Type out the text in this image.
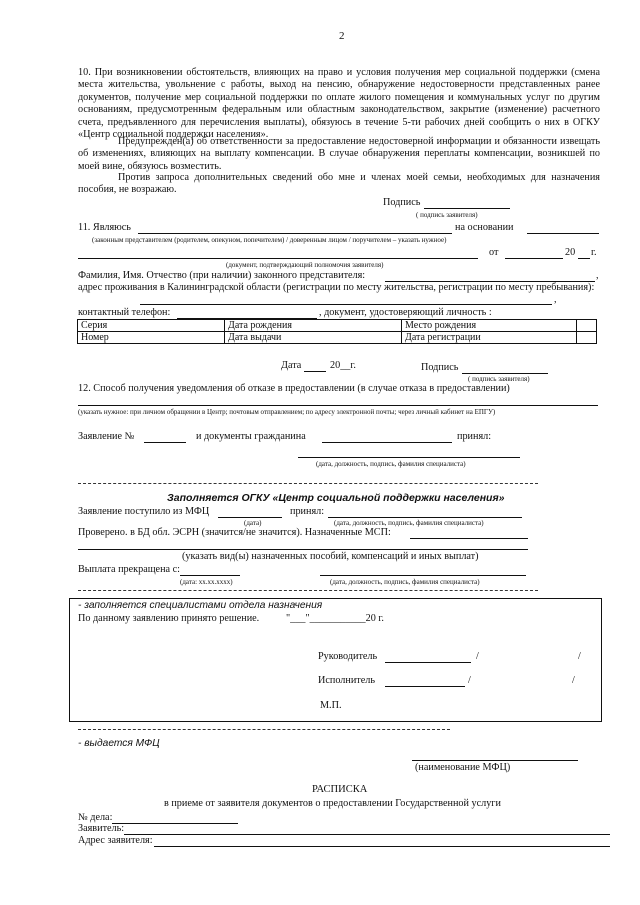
2
10. При возникновении обстоятельств, влияющих на право и условия получения мер социальной поддержки (смена места жительства, увольнение с работы, выход на пенсию, обнаружение недостоверности представленных ранее документов, получение мер социальной поддержки по оплате жилого помещения и коммунальных услуг по другим основаниям, предусмотренным федеральным или областным законодательством, закрытие (изменение) расчетного счета, предъявленного для перечисления выплаты), обязуюсь в течение 5-ти рабочих дней сообщить о них в ОГКУ «Центр социальной поддержки населения».
Предупрежден(а) об ответственности за предоставление недостоверной информации и обязанности извещать об изменениях, влияющих на выплату компенсации. В случае обнаружения переплаты компенсации, возникшей по моей вине, обязуюсь возместить.
Против запроса дополнительных сведений обо мне и членах моей семьи, необходимых для назначения пособия, не возражаю.
Подпись
( подпись заявителя)
11. Являюсь	на основании
(законным представителем (родителем, опекуном, попечителем) / доверенным лицом / поручителем – указать нужное)
от	20 г.
(документ, подтверждающий полномочия заявителя)
Фамилия, Имя. Отчество (при наличии) законного представителя:	,
адрес проживания в Калининградской области (регистрации по месту жительства, регистрации по месту пребывания):
,
контактный телефон:	, документ, удостоверяющий личность :
Серия	Дата рождения	Место рождения	
Номер	Дата выдачи	Дата регистрации	
Дата	20__г.	Подпись
( подпись заявителя)
12. Способ получения уведомления об отказе в предоставлении (в случае отказа в предоставлении)
(указать нужное: при личном обращении в Центр; почтовым отправлением; по адресу электронной почты; через личный кабинет на ЕПГУ)
Заявление №	и документы гражданина	принял:
(дата, должность, подпись, фамилия специалиста)
Заполняется ОГКУ «Центр социальной поддержки населения»
Заявление поступило из МФЦ	принял:
(дата)	(дата, должность, подпись, фамилия специалиста)
Проверено. в БД обл. ЭСРН (значится/не значится). Назначенные МСП:
(указать вид(ы) назначенных пособий, компенсаций и иных выплат)
Выплата прекращена с:
(дата: хх.хх.хххх)	(дата, должность, подпись, фамилия специалиста)
- заполняется специалистами отдела назначения
По данному заявлению принято решение.	"___"___________20 г.
Руководитель	/	/
Исполнитель	/	/
М.П.
- выдается МФЦ
(наименование МФЦ)
РАСПИСКА
в приеме от заявителя документов о предоставлении Государственной услуги
№ дела:
Заявитель:
Адрес заявителя:
